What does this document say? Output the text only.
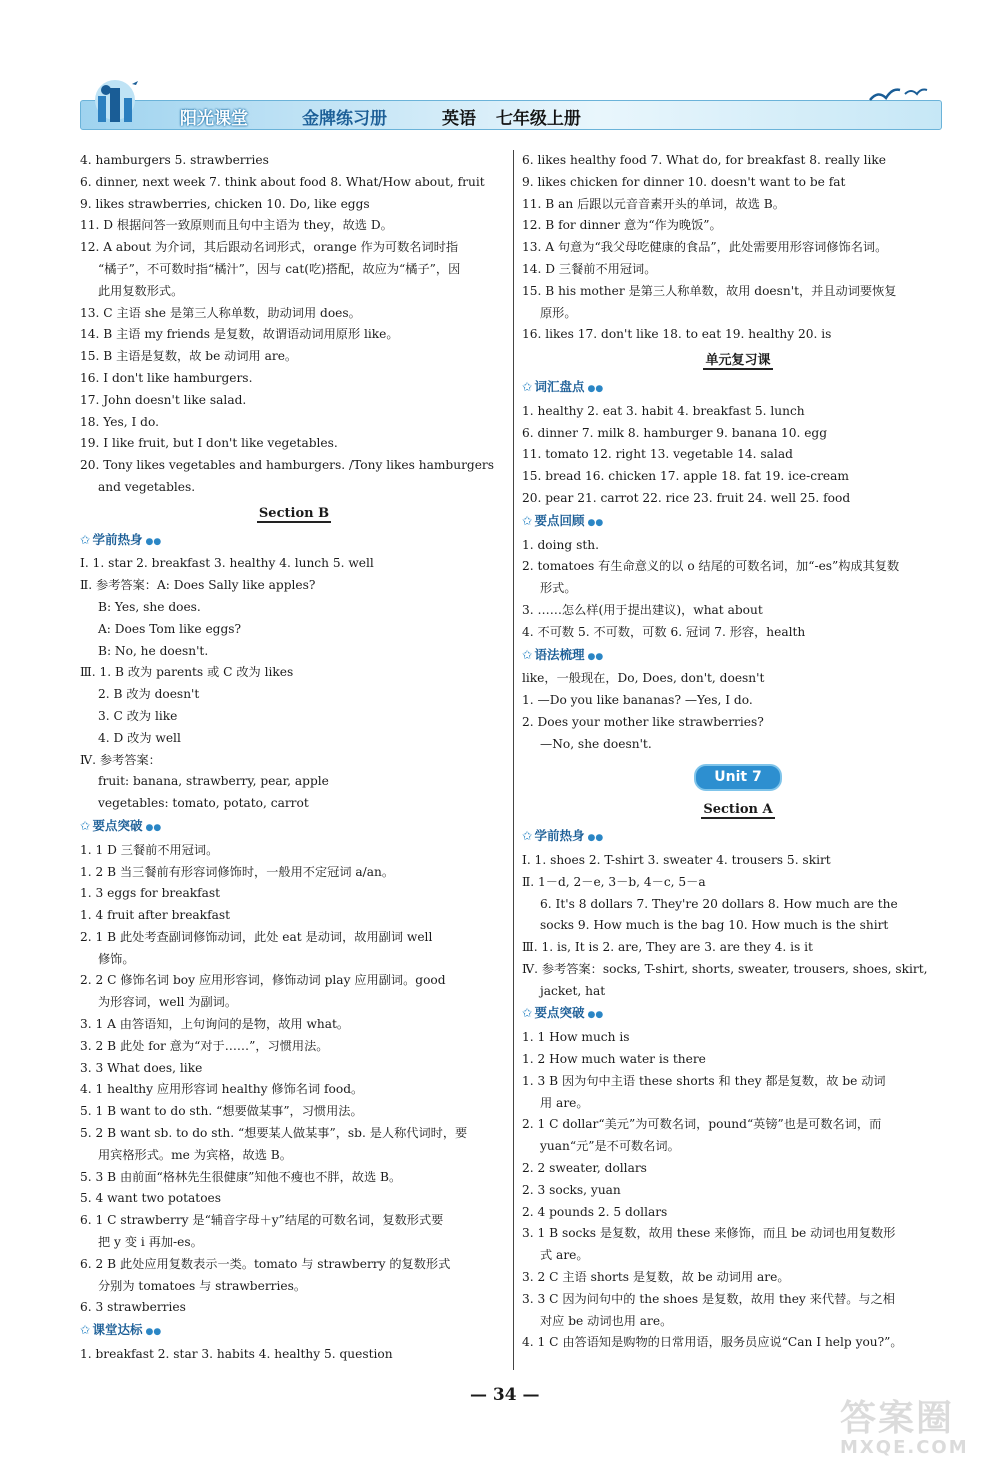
阳光课堂	金牌练习册	英语 七年级上册
4. hamburgers 5. strawberries
6. dinner, next week 7. think about food 8. What/How about, fruit
9. likes strawberries, chicken 10. Do, like eggs
11. D 根据问答一致原则而且句中主语为 they，故选 D。
12. A about 为介词，其后跟动名词形式，orange 作为可数名词时指
“橘子”，不可数时指“橘汁”，因与 cat(吃)搭配，故应为“橘子”，因
此用复数形式。
13. C 主语 she 是第三人称单数，助动词用 does。
14. B 主语 my friends 是复数，故谓语动词用原形 like。
15. B 主语是复数，故 be 动词用 are。
16. I don't like hamburgers.
17. John doesn't like salad.
18. Yes, I do.
19. I like fruit, but I don't like vegetables.
20. Tony likes vegetables and hamburgers. /Tony likes hamburgers
and vegetables.
Section B
✩ 学前热身 ●●
Ⅰ. 1. star 2. breakfast 3. healthy 4. lunch 5. well
Ⅱ. 参考答案：A: Does Sally like apples?
B: Yes, she does.
A: Does Tom like eggs?
B: No, he doesn't.
Ⅲ. 1. B 改为 parents 或 C 改为 likes
2. B 改为 doesn't
3. C 改为 like
4. D 改为 well
Ⅳ. 参考答案：
fruit: banana, strawberry, pear, apple
vegetables: tomato, potato, carrot
✩ 要点突破 ●●
1. 1 D 三餐前不用冠词。
1. 2 B 当三餐前有形容词修饰时，一般用不定冠词 a/an。
1. 3 eggs for breakfast
1. 4 fruit after breakfast
2. 1 B 此处考查副词修饰动词，此处 eat 是动词，故用副词 well
修饰。
2. 2 C 修饰名词 boy 应用形容词，修饰动词 play 应用副词。good
为形容词，well 为副词。
3. 1 A 由答语知，上句询问的是物，故用 what。
3. 2 B 此处 for 意为“对于……”，习惯用法。
3. 3 What does, like
4. 1 healthy 应用形容词 healthy 修饰名词 food。
5. 1 B want to do sth. “想要做某事”，习惯用法。
5. 2 B want sb. to do sth. “想要某人做某事”，sb. 是人称代词时，要
用宾格形式。me 为宾格，故选 B。
5. 3 B 由前面“格林先生很健康”知他不瘦也不胖，故选 B。
5. 4 want two potatoes
6. 1 C strawberry 是“辅音字母＋y”结尾的可数名词，复数形式要
把 y 变 i 再加-es。
6. 2 B 此处应用复数表示一类。tomato 与 strawberry 的复数形式
分别为 tomatoes 与 strawberries。
6. 3 strawberries
✩ 课堂达标 ●●
1. breakfast 2. star 3. habits 4. healthy 5. question
6. likes healthy food 7. What do, for breakfast 8. really like
9. likes chicken for dinner 10. doesn't want to be fat
11. B an 后跟以元音音素开头的单词，故选 B。
12. B for dinner 意为“作为晚饭”。
13. A 句意为“我父母吃健康的食品”，此处需要用形容词修饰名词。
14. D 三餐前不用冠词。
15. B his mother 是第三人称单数，故用 doesn't，并且动词要恢复
原形。
16. likes 17. don't like 18. to eat 19. healthy 20. is
单元复习课
✩ 词汇盘点 ●●
1. healthy 2. eat 3. habit 4. breakfast 5. lunch
6. dinner 7. milk 8. hamburger 9. banana 10. egg
11. tomato 12. right 13. vegetable 14. salad
15. bread 16. chicken 17. apple 18. fat 19. ice-cream
20. pear 21. carrot 22. rice 23. fruit 24. well 25. food
✩ 要点回顾 ●●
1. doing sth.
2. tomatoes 有生命意义的以 o 结尾的可数名词，加“-es”构成其复数
形式。
3. ……怎么样(用于提出建议)，what about
4. 不可数 5. 不可数，可数 6. 冠词 7. 形容，health
✩ 语法梳理 ●●
like，一般现在，Do, Does, don't, doesn't
1. —Do you like bananas? —Yes, I do.
2. Does your mother like strawberries?
—No, she doesn't.
Unit 7
Section A
✩ 学前热身 ●●
Ⅰ. 1. shoes 2. T-shirt 3. sweater 4. trousers 5. skirt
Ⅱ. 1－d, 2－e, 3－b, 4－c, 5－a
6. It's 8 dollars 7. They're 20 dollars 8. How much are the
socks 9. How much is the bag 10. How much is the shirt
Ⅲ. 1. is, It is 2. are, They are 3. are they 4. is it
Ⅳ. 参考答案：socks, T-shirt, shorts, sweater, trousers, shoes, skirt,
jacket, hat
✩ 要点突破 ●●
1. 1 How much is
1. 2 How much water is there
1. 3 B 因为句中主语 these shorts 和 they 都是复数，故 be 动词
用 are。
2. 1 C dollar“美元”为可数名词，pound“英镑”也是可数名词，而
yuan“元”是不可数名词。
2. 2 sweater, dollars
2. 3 socks, yuan
2. 4 pounds 2. 5 dollars
3. 1 B socks 是复数，故用 these 来修饰，而且 be 动词也用复数形
式 are。
3. 2 C 主语 shorts 是复数，故 be 动词用 are。
3. 3 C 因为问句中的 the shoes 是复数，故用 they 来代替。与之相
对应 be 动词也用 are。
4. 1 C 由答语知是购物的日常用语，服务员应说“Can I help you?”。
— 34 —
答案圈
MXQE.COM
